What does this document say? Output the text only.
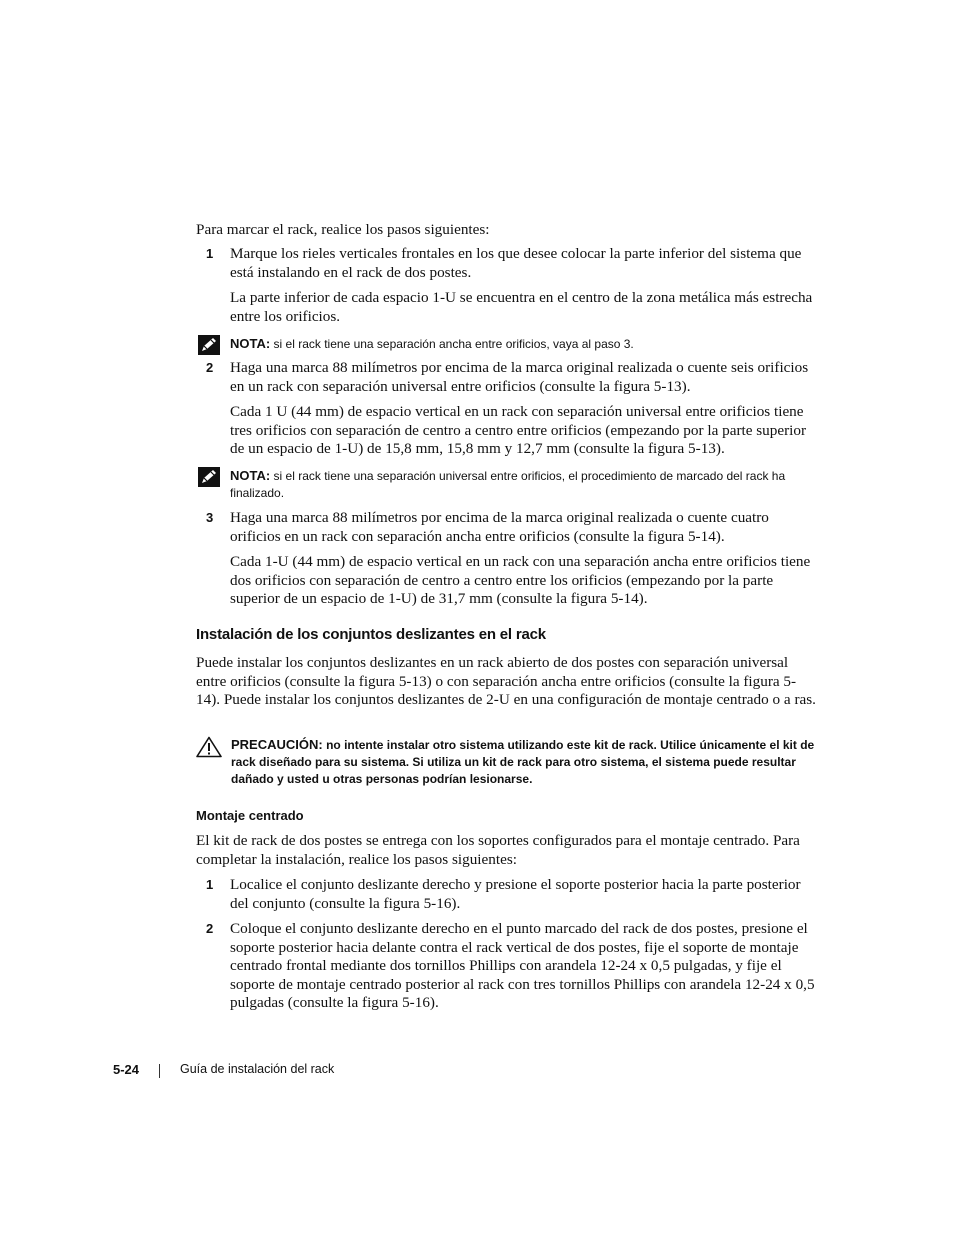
Para marcar el rack, realice los pasos siguientes:
1 Marque los rieles verticales frontales en los que desee colocar la parte inferior del sistema que está instalando en el rack de dos postes.
La parte inferior de cada espacio 1-U se encuentra en el centro de la zona metálica más estrecha entre los orificios.
NOTA: si el rack tiene una separación ancha entre orificios, vaya al paso 3.
2 Haga una marca 88 milímetros por encima de la marca original realizada o cuente seis orificios en un rack con separación universal entre orificios (consulte la figura 5-13).
Cada 1 U (44 mm) de espacio vertical en un rack con separación universal entre orificios tiene tres orificios con separación de centro a centro entre orificios (empezando por la parte superior de un espacio de 1-U) de 15,8 mm, 15,8 mm y 12,7 mm (consulte la figura 5-13).
NOTA: si el rack tiene una separación universal entre orificios, el procedimiento de marcado del rack ha finalizado.
3 Haga una marca 88 milímetros por encima de la marca original realizada o cuente cuatro orificios en un rack con separación ancha entre orificios (consulte la figura 5-14).
Cada 1-U (44 mm) de espacio vertical en un rack con una separación ancha entre orificios tiene dos orificios con separación de centro a centro entre los orificios (empezando por la parte superior de un espacio de 1-U) de 31,7 mm (consulte la figura 5-14).
Instalación de los conjuntos deslizantes en el rack
Puede instalar los conjuntos deslizantes en un rack abierto de dos postes con separación universal entre orificios (consulte la figura 5-13) o con separación ancha entre orificios (consulte la figura 5-14). Puede instalar los conjuntos deslizantes de 2-U en una configuración de montaje centrado o a ras.
PRECAUCIÓN: no intente instalar otro sistema utilizando este kit de rack. Utilice únicamente el kit de rack diseñado para su sistema. Si utiliza un kit de rack para otro sistema, el sistema puede resultar dañado y usted u otras personas podrían lesionarse.
Montaje centrado
El kit de rack de dos postes se entrega con los soportes configurados para el montaje centrado. Para completar la instalación, realice los pasos siguientes:
1 Localice el conjunto deslizante derecho y presione el soporte posterior hacia la parte posterior del conjunto (consulte la figura 5-16).
2 Coloque el conjunto deslizante derecho en el punto marcado del rack de dos postes, presione el soporte posterior hacia delante contra el rack vertical de dos postes, fije el soporte de montaje centrado frontal mediante dos tornillos Phillips con arandela 12-24 x 0,5 pulgadas, y fije el soporte de montaje centrado posterior al rack con tres tornillos Phillips con arandela 12-24 x 0,5 pulgadas (consulte la figura 5-16).
5-24	Guía de instalación del rack
